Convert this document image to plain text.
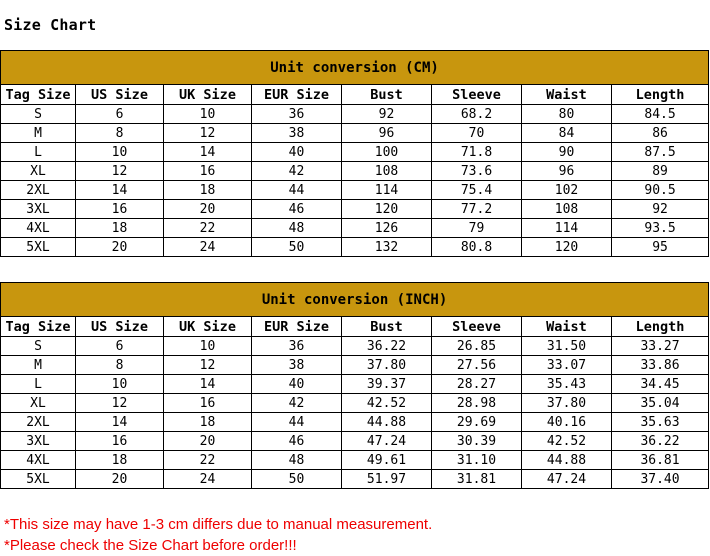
Size Chart
Unit conversion (CM)							
Tag Size	US Size	UK Size	EUR Size	Bust	Sleeve	Waist	Length
S	6	10	36	92	68.2	80	84.5
M	8	12	38	96	70	84	86
L	10	14	40	100	71.8	90	87.5
XL	12	16	42	108	73.6	96	89
2XL	14	18	44	114	75.4	102	90.5
3XL	16	20	46	120	77.2	108	92
4XL	18	22	48	126	79	114	93.5
5XL	20	24	50	132	80.8	120	95
Unit conversion (INCH)							
Tag Size	US Size	UK Size	EUR Size	Bust	Sleeve	Waist	Length
S	6	10	36	36.22	26.85	31.50	33.27
M	8	12	38	37.80	27.56	33.07	33.86
L	10	14	40	39.37	28.27	35.43	34.45
XL	12	16	42	42.52	28.98	37.80	35.04
2XL	14	18	44	44.88	29.69	40.16	35.63
3XL	16	20	46	47.24	30.39	42.52	36.22
4XL	18	22	48	49.61	31.10	44.88	36.81
5XL	20	24	50	51.97	31.81	47.24	37.40
*This size may have 1-3 cm differs due to manual measurement.
*Please check the Size Chart before order!!!
